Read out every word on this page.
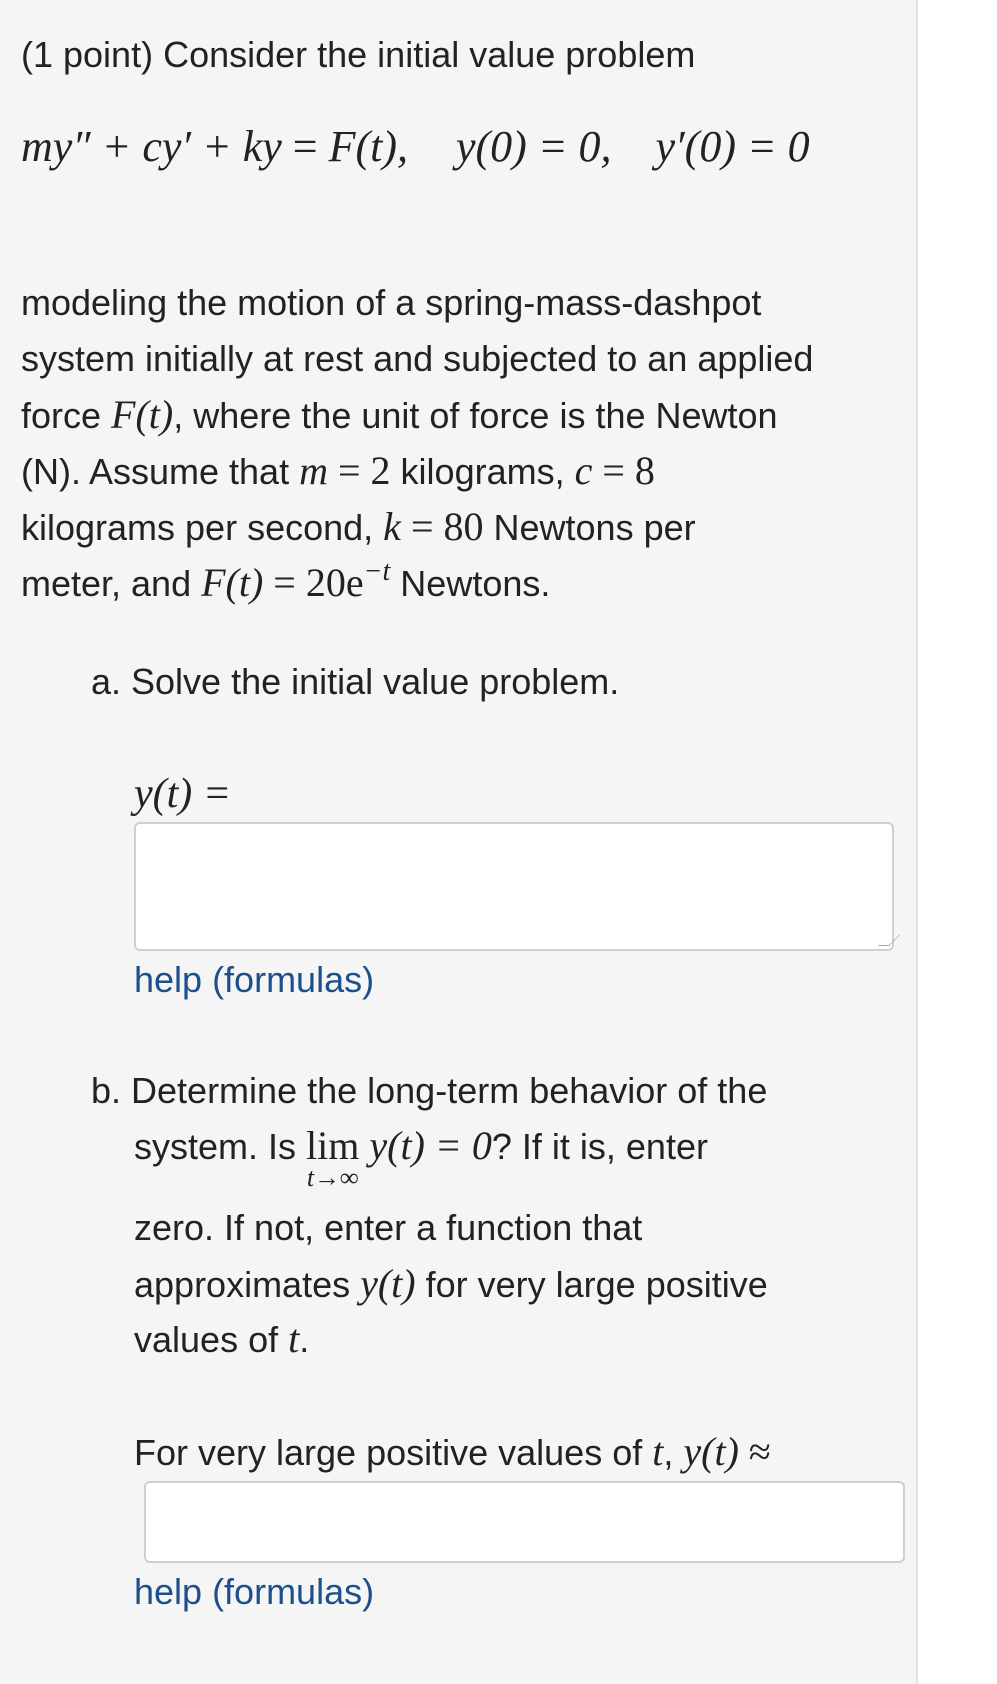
(1 point) Consider the initial value problem
my″ + cy′ + ky = F(t), y(0) = 0, y′(0) = 0
modeling the motion of a spring-mass-dashpot
system initially at rest and subjected to an applied
force F(t), where the unit of force is the Newton
(N). Assume that m = 2 kilograms, c = 8
kilograms per second, k = 80 Newtons per
meter, and $F(t) = 20e^{-t}$ Newtons.
a. Solve the initial value problem.
y(t) =
help (formulas)
b. Determine the long-term behavior of the
system. Is lim
t→∞
y(t) = 0? If it is, enter
zero. If not, enter a function that
approximates y(t) for very large positive
values of t.
For very large positive values of t, y(t) ≈
help (formulas)
